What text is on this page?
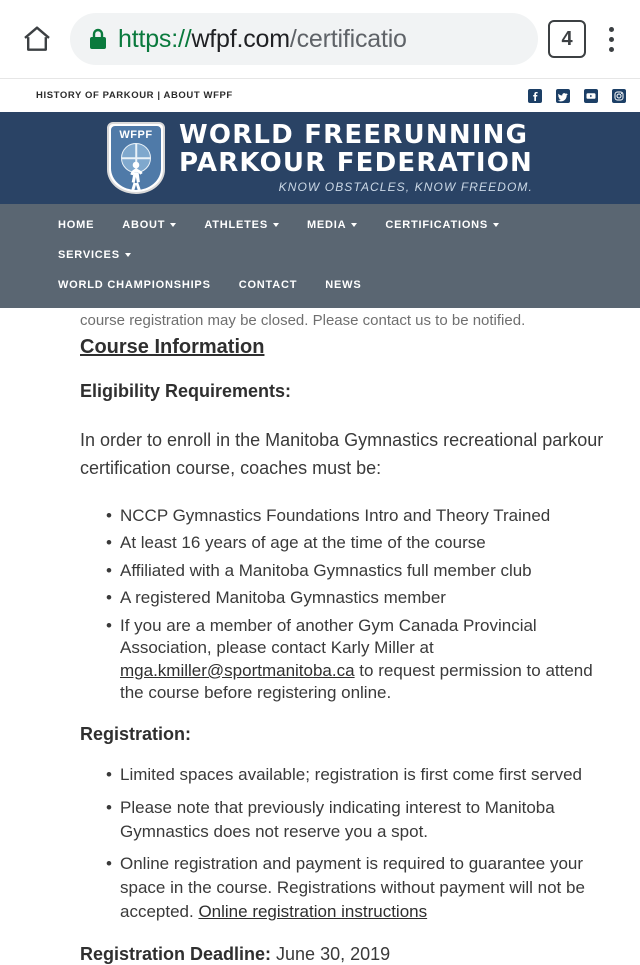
https://wfpf.com/certificatio	4
HISTORY OF PARKOUR | ABOUT WFPF
WFPF WORLD FREERUNNING
PARKOUR FEDERATION
KNOW OBSTACLES, KNOW FREEDOM.
HOME	ABOUT	ATHLETES	MEDIA	CERTIFICATIONS
SERVICES
WORLD CHAMPIONSHIPS	CONTACT	NEWS
course registration may be closed. Please contact us to be notified.
Course Information
Eligibility Requirements:

In order to enroll in the Manitoba Gymnastics recreational parkour certification course, coaches must be:

• NCCP Gymnastics Foundations Intro and Theory Trained
• At least 16 years of age at the time of the course
• Affiliated with a Manitoba Gymnastics full member club
• A registered Manitoba Gymnastics member
• If you are a member of another Gym Canada Provincial Association, please contact Karly Miller at mga.kmiller@sportmanitoba.ca to request permission to attend the course before registering online.
Registration:
• Limited spaces available; registration is first come first served
• Please note that previously indicating interest to Manitoba Gymnastics does not reserve you a spot.
• Online registration and payment is required to guarantee your space in the course. Registrations without payment will not be accepted. Online registration instructions
Registration Deadline: June 30, 2019
